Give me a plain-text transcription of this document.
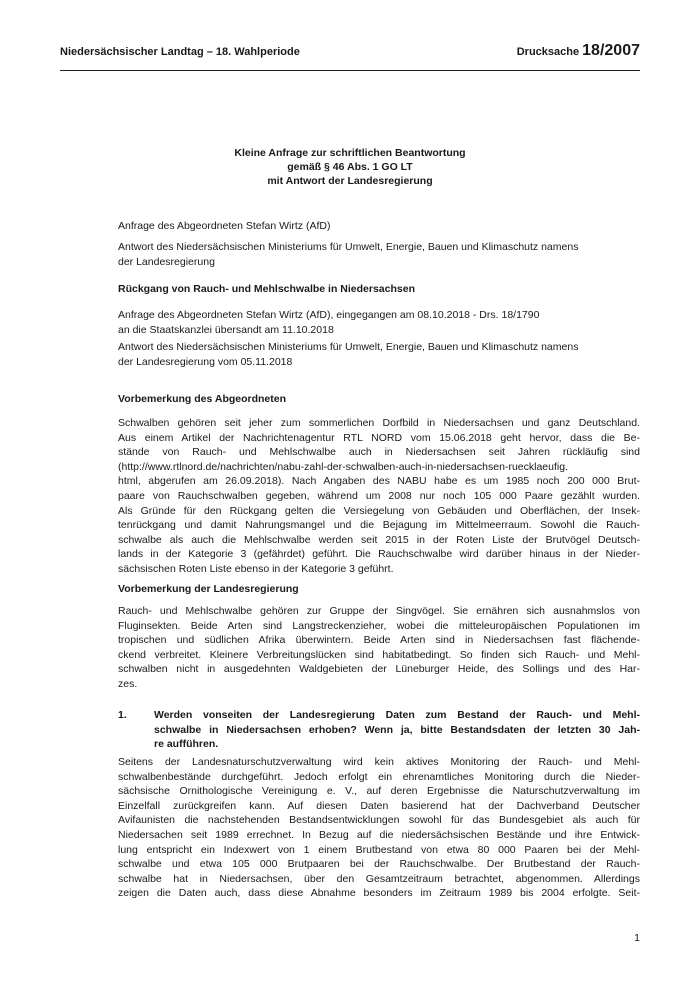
Niedersächsischer Landtag – 18. Wahlperiode	Drucksache 18/2007
Kleine Anfrage zur schriftlichen Beantwortung
gemäß § 46 Abs. 1 GO LT
mit Antwort der Landesregierung
Anfrage des Abgeordneten Stefan Wirtz (AfD)
Antwort des Niedersächsischen Ministeriums für Umwelt, Energie, Bauen und Klimaschutz namens
der Landesregierung
Rückgang von Rauch- und Mehlschwalbe in Niedersachsen
Anfrage des Abgeordneten Stefan Wirtz (AfD), eingegangen am 08.10.2018 - Drs. 18/1790
an die Staatskanzlei übersandt am 11.10.2018
Antwort des Niedersächsischen Ministeriums für Umwelt, Energie, Bauen und Klimaschutz namens
der Landesregierung vom 05.11.2018
Vorbemerkung des Abgeordneten
Schwalben gehören seit jeher zum sommerlichen Dorfbild in Niedersachsen und ganz Deutschland.
Aus einem Artikel der Nachrichtenagentur RTL NORD vom 15.06.2018 geht hervor, dass die Be-
stände von Rauch- und Mehlschwalbe auch in Niedersachsen seit Jahren rückläufig sind
(http://www.rtlnord.de/nachrichten/nabu-zahl-der-schwalben-auch-in-niedersachsen-ruecklaeufig.
html, abgerufen am 26.09.2018). Nach Angaben des NABU habe es um 1985 noch 200 000 Brut-
paare von Rauchschwalben gegeben, während um 2008 nur noch 105 000 Paare gezählt wurden.
Als Gründe für den Rückgang gelten die Versiegelung von Gebäuden und Oberflächen, der Insek-
tenrückgang und damit Nahrungsmangel und die Bejagung im Mittelmeerraum. Sowohl die Rauch-
schwalbe als auch die Mehlschwalbe werden seit 2015 in der Roten Liste der Brutvögel Deutsch-
lands in der Kategorie 3 (gefährdet) geführt. Die Rauchschwalbe wird darüber hinaus in der Nieder-
sächsischen Roten Liste ebenso in der Kategorie 3 geführt.
Vorbemerkung der Landesregierung
Rauch- und Mehlschwalbe gehören zur Gruppe der Singvögel. Sie ernähren sich ausnahmslos von
Fluginsekten. Beide Arten sind Langstreckenzieher, wobei die mitteleuropäischen Populationen im
tropischen und südlichen Afrika überwintern. Beide Arten sind in Niedersachsen fast flächende-
ckend verbreitet. Kleinere Verbreitungslücken sind habitatbedingt. So finden sich Rauch- und Mehl-
schwalben nicht in ausgedehnten Waldgebieten der Lüneburger Heide, des Sollings und des Har-
zes.
1.	Werden vonseiten der Landesregierung Daten zum Bestand der Rauch- und Mehl-
schwalbe in Niedersachsen erhoben? Wenn ja, bitte Bestandsdaten der letzten 30 Jah-
re aufführen.
Seitens der Landesnaturschutzverwaltung wird kein aktives Monitoring der Rauch- und Mehl-
schwalbenbestände durchgeführt. Jedoch erfolgt ein ehrenamtliches Monitoring durch die Nieder-
sächsische Ornithologische Vereinigung e. V., auf deren Ergebnisse die Naturschutzverwaltung im
Einzelfall zurückgreifen kann. Auf diesen Daten basierend hat der Dachverband Deutscher
Avifaunisten die nachstehenden Bestandsentwicklungen sowohl für das Bundesgebiet als auch für
Niedersachen seit 1989 errechnet. In Bezug auf die niedersächsischen Bestände und ihre Entwick-
lung entspricht ein Indexwert von 1 einem Brutbestand von etwa 80 000 Paaren bei der Mehl-
schwalbe und etwa 105 000 Brutpaaren bei der Rauchschwalbe. Der Brutbestand der Rauch-
schwalbe hat in Niedersachsen, über den Gesamtzeitraum betrachtet, abgenommen. Allerdings
zeigen die Daten auch, dass diese Abnahme besonders im Zeitraum 1989 bis 2004 erfolgte. Seit-
1
